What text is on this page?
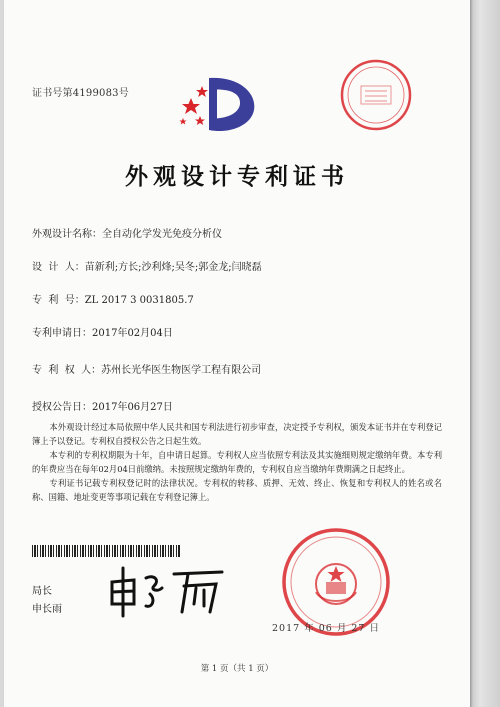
证书号第4199083号
外观设计专利证书
外观设计名称：全自动化学发光免疫分析仪
设  计  人：苗新利;方长;沙利烽;吴冬;郭金龙;闫晓磊
专  利  号：ZL 2017 3 0031805.7
专利申请日：2017年02月04日
专  利  权  人：苏州长光华医生物医学工程有限公司
授权公告日：2017年06月27日

本外观设计经过本局依照中华人民共和国专利法进行初步审查，决定授予专利权，颁发本证书并在专利登记簿上予以登记。专利权自授权公告之日起生效。

本专利的专利权期限为十年，自申请日起算。专利权人应当依照专利法及其实施细则规定缴纳年费。本专利的年费应当在每年02月04日前缴纳。未按照规定缴纳年费的，专利权自应当缴纳年费期满之日起终止。

专利证书记载专利权登记时的法律状况。专利权的转移、质押、无效、终止、恢复和专利权人的姓名或名称、国籍、地址变更等事项记载在专利登记簿上。

局长
申长雨
2017 年 06 月 27 日
第 1 页（共 1 页）
